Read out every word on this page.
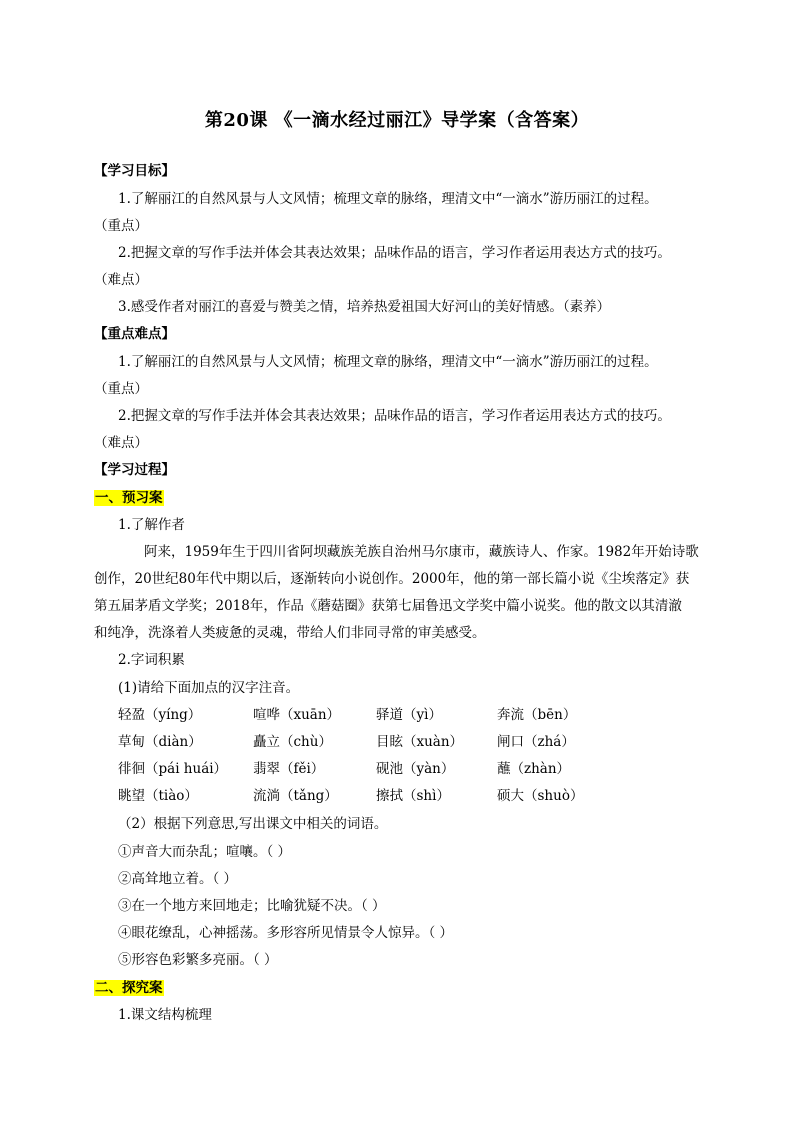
第20课 《一滴水经过丽江》导学案（含答案）
【学习目标】
1.了解丽江的自然风景与人文风情；梳理文章的脉络，理清文中“一滴水”游历丽江的过程。
（重点）
2.把握文章的写作手法并体会其表达效果；品味作品的语言，学习作者运用表达方式的技巧。
（难点）
3.感受作者对丽江的喜爱与赞美之情，培养热爱祖国大好河山的美好情感。（素养）
【重点难点】
1.了解丽江的自然风景与人文风情；梳理文章的脉络，理清文中“一滴水”游历丽江的过程。
（重点）
2.把握文章的写作手法并体会其表达效果；品味作品的语言，学习作者运用表达方式的技巧。
（难点）
【学习过程】
一、预习案
1.了解作者
阿来，1959年生于四川省阿坝藏族羌族自治州马尔康市，藏族诗人、作家。1982年开始诗歌
创作，20世纪80年代中期以后，逐渐转向小说创作。2000年，他的第一部长篇小说《尘埃落定》获
第五届茅盾文学奖；2018年，作品《蘑菇圈》获第七届鲁迅文学奖中篇小说奖。他的散文以其清澈
和纯净，洗涤着人类疲惫的灵魂，带给人们非同寻常的审美感受。
2.字词积累
(1)请给下面加点的汉字注音。
轻盈（yíng）	喧哗（xuān）	驿道（yì）	奔流（bēn）
草甸（diàn）	矗立（chù）	目眩（xuàn）	闸口（zhá）
徘徊（pái huái） 翡翠（fěi）	砚池（yàn）	蘸（zhàn）
眺望（tiào）	流淌（tǎng）	擦拭（shì）	硕大（shuò）
（2）根据下列意思,写出课文中相关的词语。
①声音大而杂乱；喧嚷。（ ）
②高耸地立着。（ ）
③在一个地方来回地走；比喻犹疑不决。（ ）
④眼花缭乱，心神摇荡。多形容所见情景令人惊异。（ ）
⑤形容色彩繁多亮丽。（ ）
二、探究案
1.课文结构梳理
